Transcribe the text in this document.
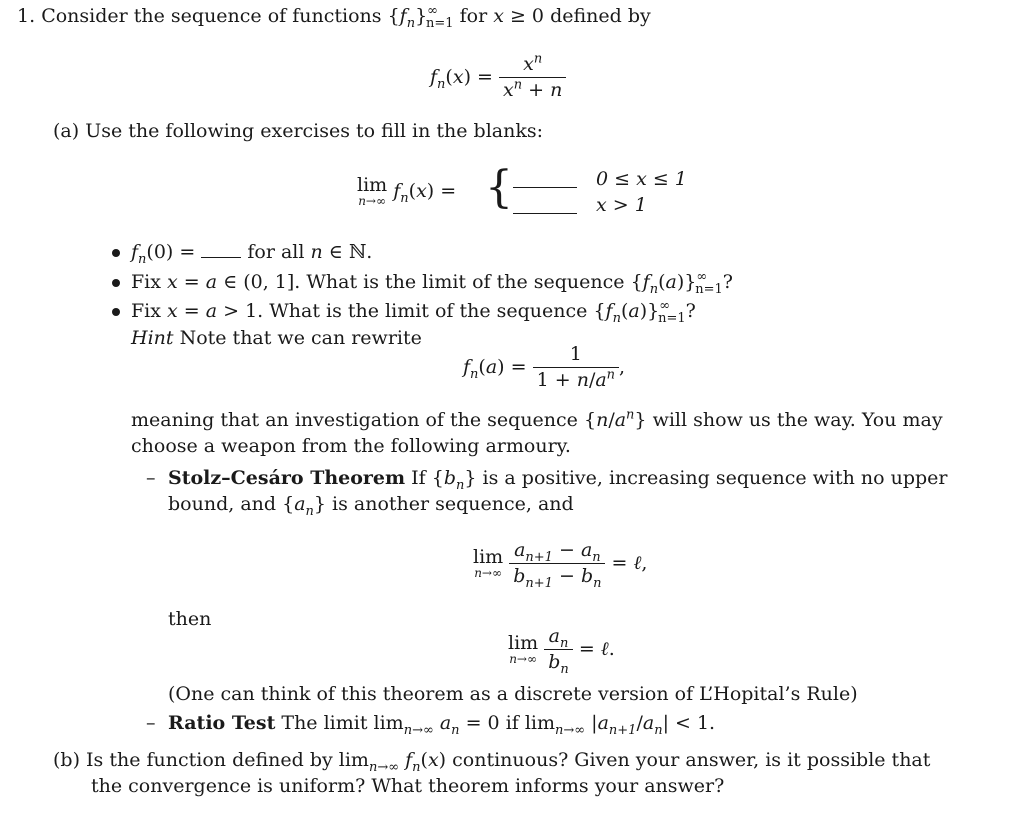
1. Consider the sequence of functions $\{f_n\}^\infty_{n=1}$ for x ≥ 0 defined by
$f_n(x) = \frac{x^n}{x^n + n}$
(a) Use the following exercises to fill in the blanks:
lim
n→∞ $f_n(x)$ = {	0 ≤ x ≤ 1
x > 1
$f_n(0)$ =	for all n ∈ ℕ.
Fix x = a ∈ (0, 1]. What is the limit of the sequence $\{f_n(a)\}^\infty_{n=1}$?
Fix x = a > 1. What is the limit of the sequence $\{f_n(a)\}^\infty_{n=1}$?
Hint Note that we can rewrite
$f_n(a) = \frac{1}{1 + n/a^n}$ ,
meaning that an investigation of the sequence $\{n/a^n\}$ will show us the way. You may
choose a weapon from the following armoury.
– Stolz–Cesáro Theorem If $\{b_n\}$ is a positive, increasing sequence with no upper
bound, and $\{a_n\}$ is another sequence, and
lim
n→∞
$\frac{a_{n+1} - a_n}{b_{n+1} - b_n}$ = ℓ,
then
lim
n→∞
$\frac{a_n}{b_n}$ = ℓ.
(One can think of this theorem as a discrete version of L’Hopital’s Rule)
– Ratio Test The limit $\lim_{n\to\infty} a_n = 0$ if $\lim_{n\to\infty} |a_{n+1}/a_n| < 1$.
(b) Is the function defined by $\lim_{n\to\infty} f_n(x)$ continuous? Given your answer, is it possible that
the convergence is uniform? What theorem informs your answer?
